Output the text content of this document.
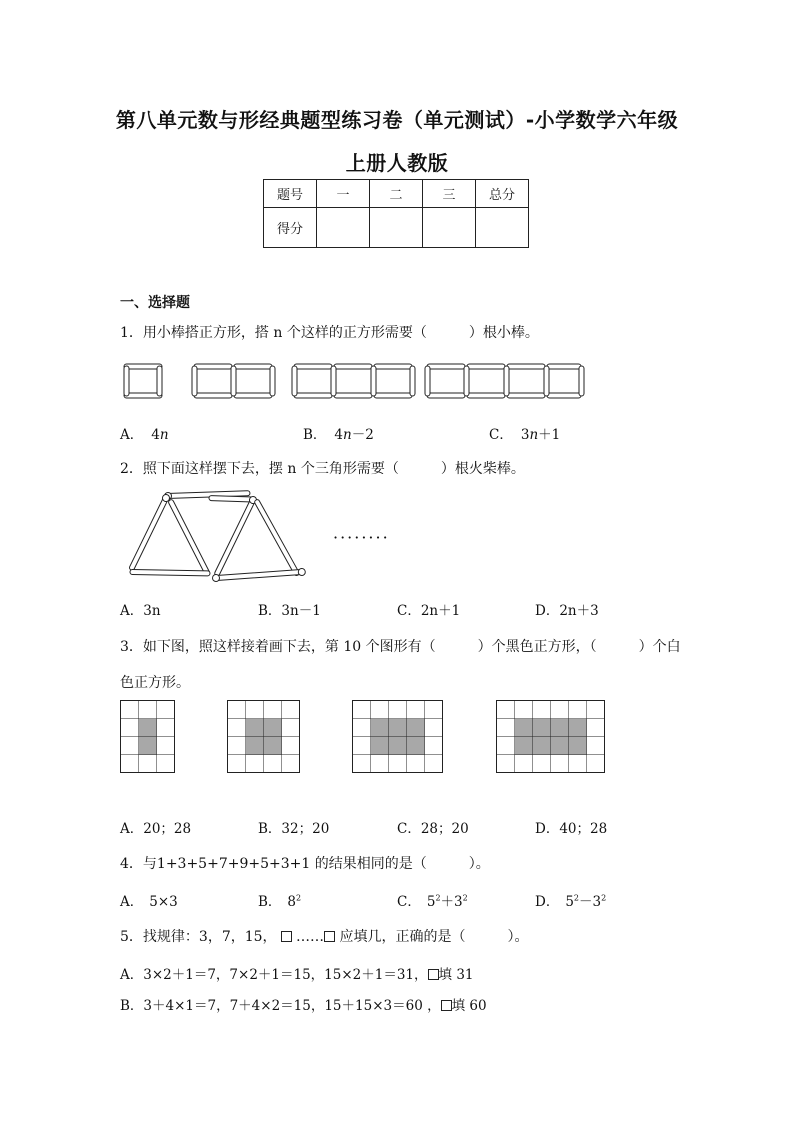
第八单元数与形经典题型练习卷（单元测试）-小学数学六年级
上册人教版
题号	一	二	三	总分
得分				
一、选择题
1．用小棒搭正方形，搭 n 个这样的正方形需要（　　　）根小棒。
A． 4n	B． 4n－2	C． 3n＋1
2．照下面这样摆下去，摆 n 个三角形需要（　　　）根火柴棒。
········
A．3n	B．3n－1	C．2n＋1	D．2n＋3
3．如下图，照这样接着画下去，第 10 个图形有（　　　）个黑色正方形，（　　　）个白
色正方形。
A．20；28	B．32；20	C．28；20	D．40；28
4．与1+3+5+7+9+5+3+1 的结果相同的是（　　　）。
A． 5×3	B． $8^2$	C． $5^2+3^2$	D． $5^2-3^2$
5．找规律：3，7，15， …… 应填几，正确的是（　　　）。
A．3×2＋1＝7，7×2＋1＝15，15×2＋1＝31， 填 31
B．3＋4×1＝7，7＋4×2＝15，15＋15×3＝60 ， 填 60
